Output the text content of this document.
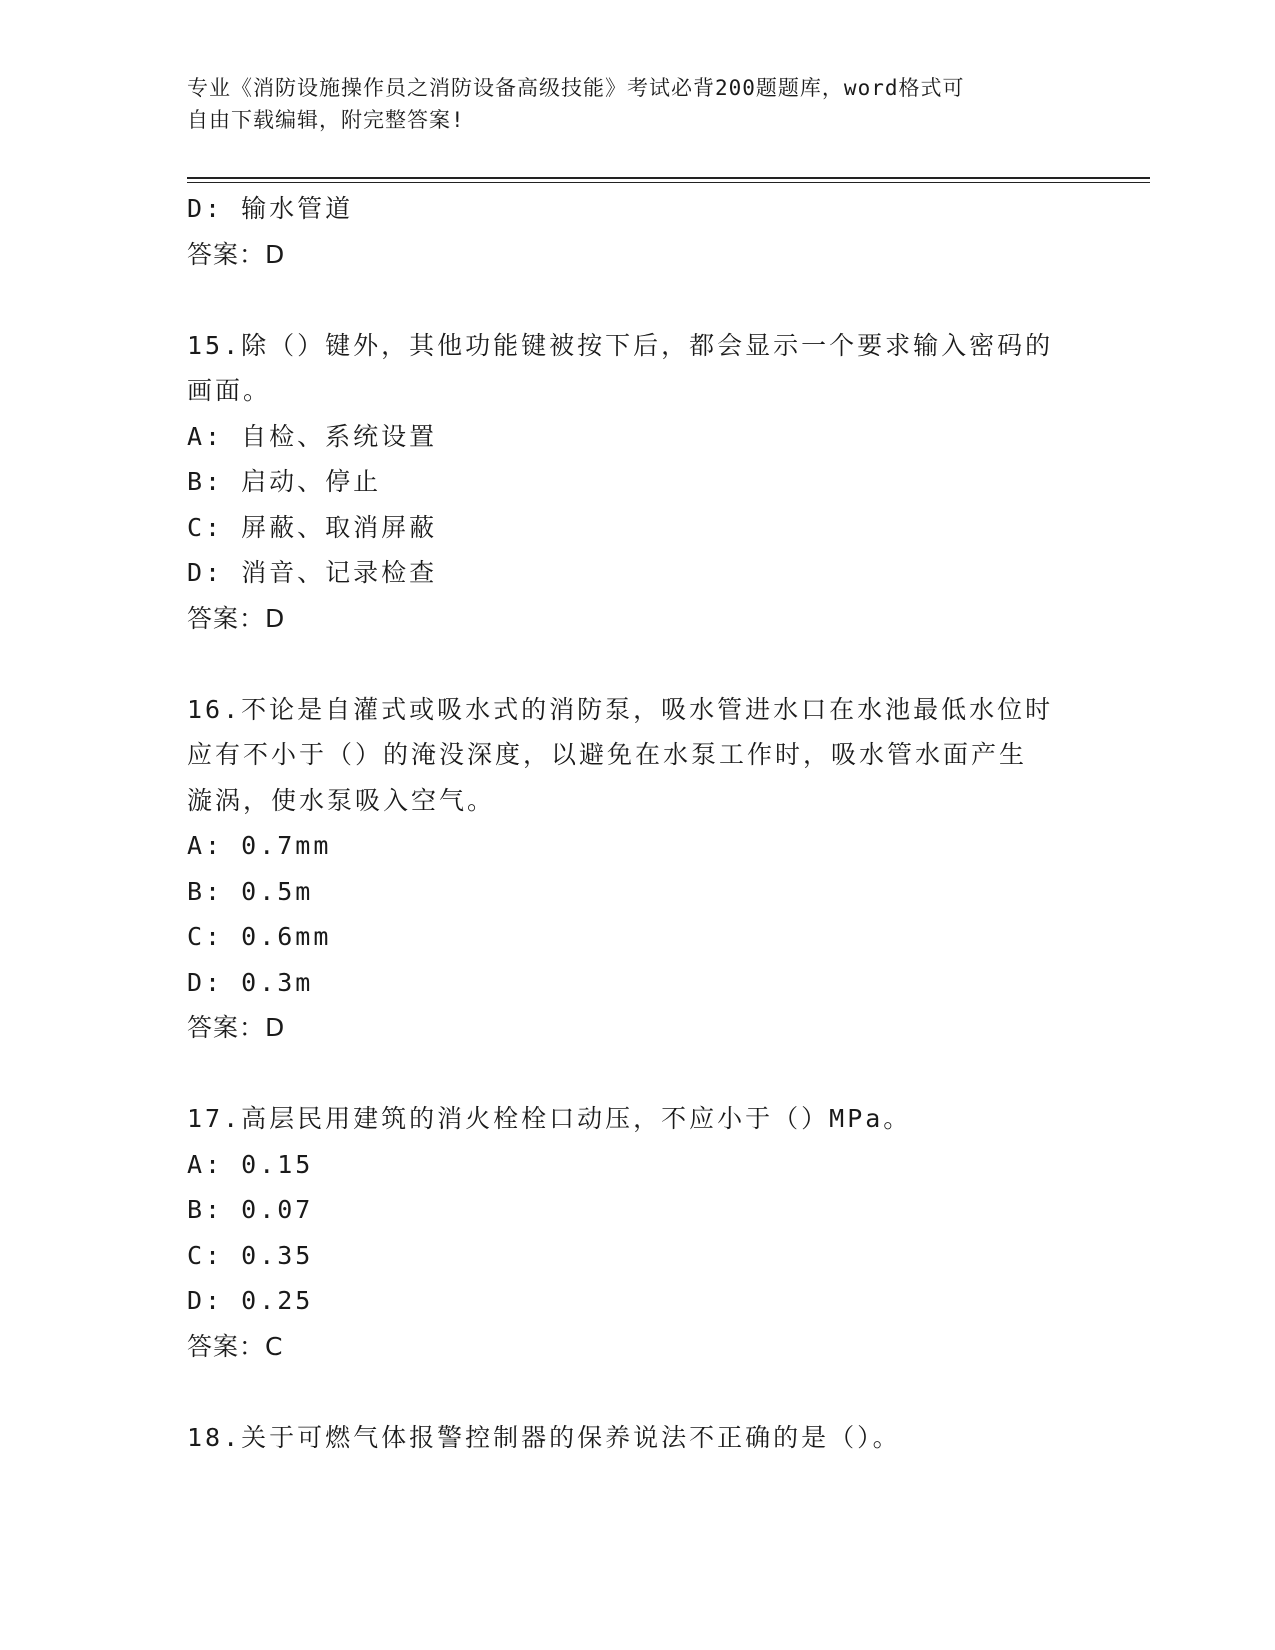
专业《消防设施操作员之消防设备高级技能》考试必背200题题库，word格式可
自由下载编辑，附完整答案!
D: 输水管道
答案：D
15.除（）键外，其他功能键被按下后，都会显示一个要求输入密码的
画面。
A: 自检、系统设置
B: 启动、停止
C: 屏蔽、取消屏蔽
D: 消音、记录检查
答案：D
16.不论是自灌式或吸水式的消防泵，吸水管进水口在水池最低水位时
应有不小于（）的淹没深度，以避免在水泵工作时，吸水管水面产生
漩涡，使水泵吸入空气。
A: 0.7mm
B: 0.5m
C: 0.6mm
D: 0.3m
答案：D
17.高层民用建筑的消火栓栓口动压，不应小于（）MPa。
A: 0.15
B: 0.07
C: 0.35
D: 0.25
答案：C
18.关于可燃气体报警控制器的保养说法不正确的是（）。
